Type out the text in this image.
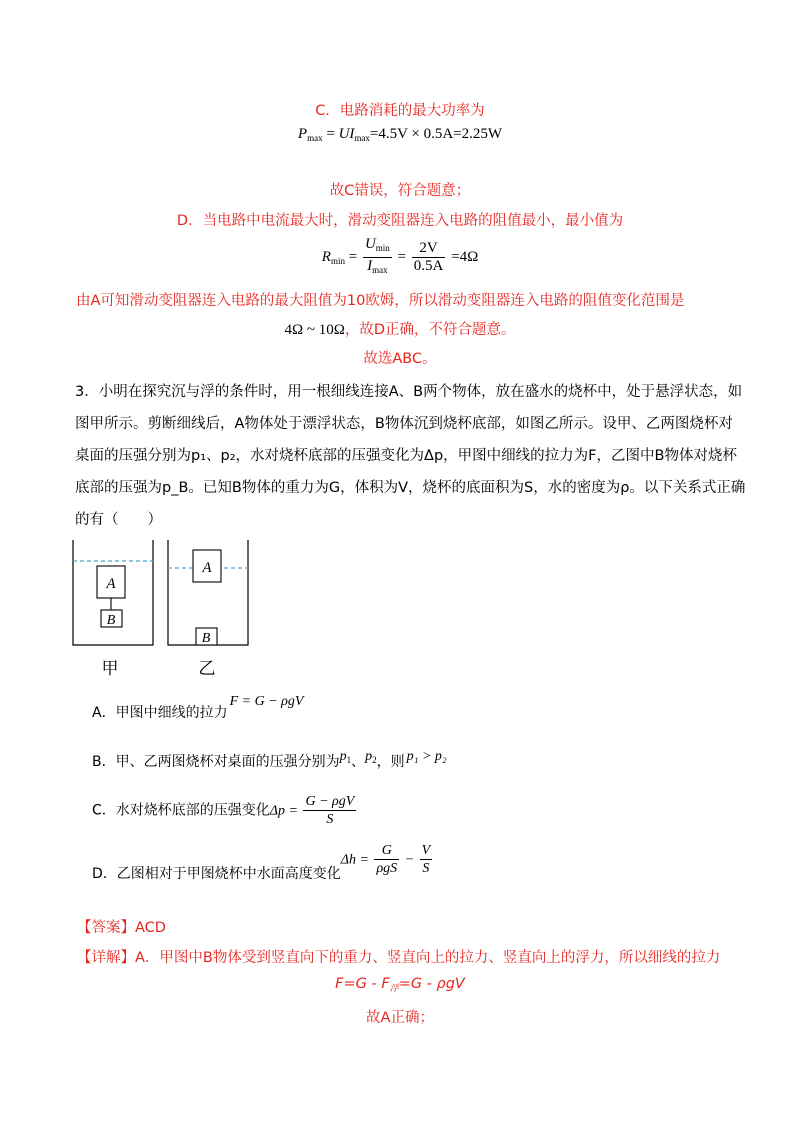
C．电路消耗的最大功率为
$P_{max} = UI_{max}=4.5V \times 0.5A=2.25W$
故C错误，符合题意；
D．当电路中电流最大时，滑动变阻器连入电路的阻值最小，最小值为
$R_{min} = \frac{U_{min}}{I_{max}} = \frac{2V}{0.5A} =4\Omega$
由A可知滑动变阻器连入电路的最大阻值为10欧姆，所以滑动变阻器连入电路的阻值变化范围是
4Ω ~ 10Ω，故D正确，不符合题意。
故选ABC。
3．小明在探究沉与浮的条件时，用一根细线连接A、B两个物体，放在盛水的烧杯中，处于悬浮状态，如
图甲所示。剪断细线后，A物体处于漂浮状态，B物体沉到烧杯底部，如图乙所示。设甲、乙两图烧杯对
桌面的压强分别为p₁、p₂，水对烧杯底部的压强变化为Δp，甲图中细线的拉力为F，乙图中B物体对烧杯
底部的压强为p_B。已知B物体的重力为G，体积为V，烧杯的底面积为S，水的密度为ρ。以下关系式正确
的有（　　）
A
B
A
B
甲	乙
A．甲图中细线的拉力F = G − ρgV
B．甲、乙两图烧杯对桌面的压强分别为$p_1$、$p_2$，则 p₁ > p₂
C．水对烧杯底部的压强变化$\Delta p = \frac{\text{G − ρgV}}{S}$
D．乙图相对于甲图烧杯中水面高度变化$\Delta h = \frac{G}{\text{ρgS}} - \frac{V}{S}$
【答案】ACD
【详解】A．甲图中B物体受到竖直向下的重力、竖直向上的拉力、竖直向上的浮力，所以细线的拉力
$F=G - F_浮=G - \rho gV$
故A正确；
